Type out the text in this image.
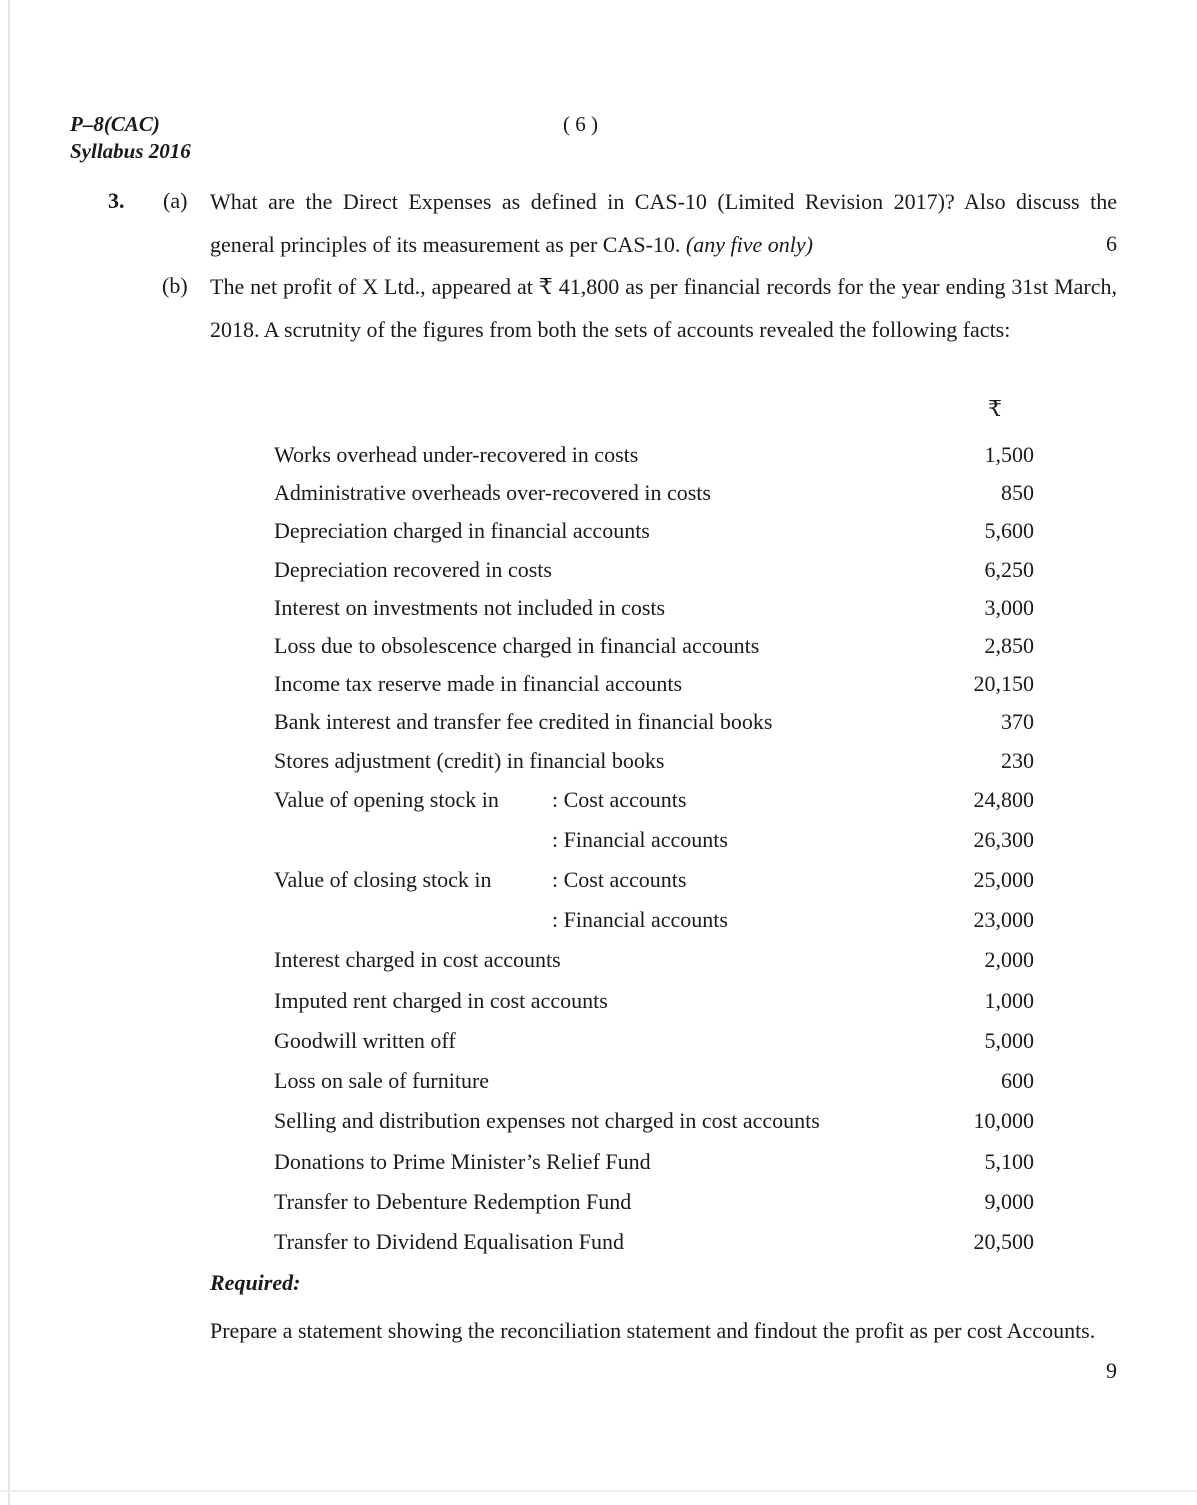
P–8(CAC)
Syllabus 2016
( 6 )
3. (a) What are the Direct Expenses as defined in CAS-10 (Limited Revision 2017)? Also discuss the general principles of its measurement as per CAS-10. (any five only)	6
(b) The net profit of X Ltd., appeared at ₹ 41,800 as per financial records for the year ending 31st March, 2018. A scrutnity of the figures from both the sets of accounts revealed the following facts:
₹
Works overhead under-recovered in costs	1,500
Administrative overheads over-recovered in costs	850
Depreciation charged in financial accounts	5,600
Depreciation recovered in costs	6,250
Interest on investments not included in costs	3,000
Loss due to obsolescence charged in financial accounts	2,850
Income tax reserve made in financial accounts	20,150
Bank interest and transfer fee credited in financial books	370
Stores adjustment (credit) in financial books	230
Value of opening stock in : Cost accounts	24,800
: Financial accounts	26,300
Value of closing stock in	: Cost accounts	25,000
: Financial accounts	23,000
Interest charged in cost accounts	2,000
Imputed rent charged in cost accounts	1,000
Goodwill written off	5,000
Loss on sale of furniture	600
Selling and distribution expenses not charged in cost accounts	10,000
Donations to Prime Minister’s Relief Fund	5,100
Transfer to Debenture Redemption Fund	9,000
Transfer to Dividend Equalisation Fund	20,500
Required:
Prepare a statement showing the reconciliation statement and findout the profit as per cost Accounts.
9
